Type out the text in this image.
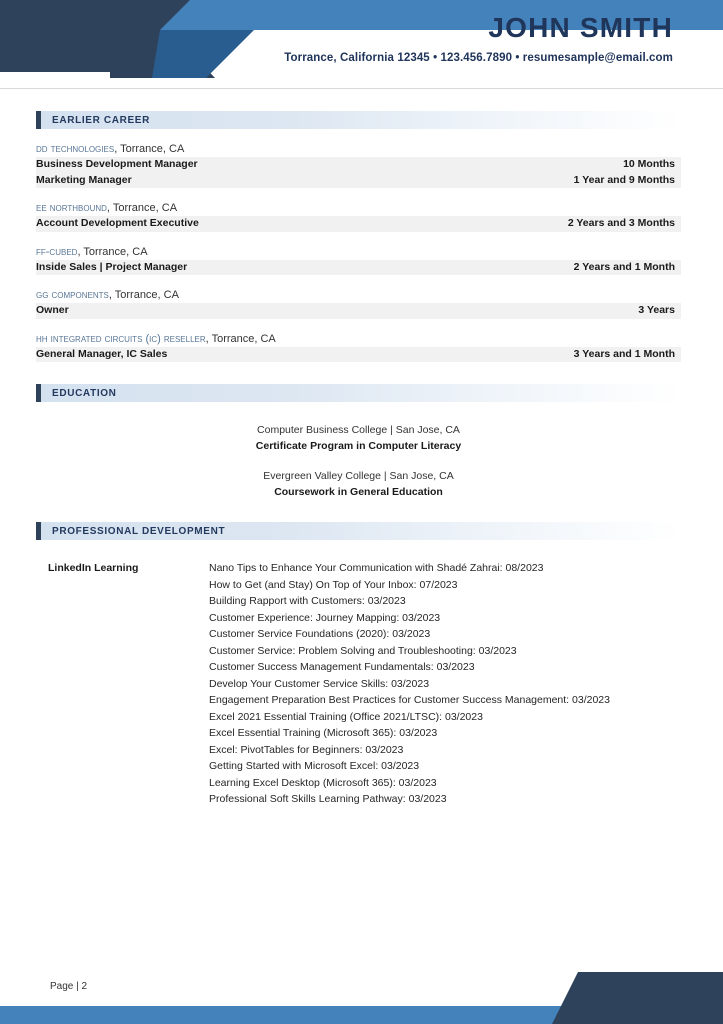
JOHN SMITH
Torrance, California 12345 • 123.456.7890 • resumesample@email.com
EARLIER CAREER
dd technologies, Torrance, CA
Business Development Manager	10 Months
Marketing Manager	1 Year and 9 Months
ee northbound, Torrance, CA
Account Development Executive	2 Years and 3 Months
ff-cubed, Torrance, CA
Inside Sales | Project Manager	2 Years and 1 Month
gg components, Torrance, CA
Owner	3 Years
hh integrated circuits (ic) reseller, Torrance, CA
General Manager, IC Sales	3 Years and 1 Month
EDUCATION
Computer Business College | San Jose, CA
Certificate Program in Computer Literacy
Evergreen Valley College | San Jose, CA
Coursework in General Education
PROFESSIONAL DEVELOPMENT
LinkedIn Learning	Nano Tips to Enhance Your Communication with Shadé Zahrai: 08/2023
How to Get (and Stay) On Top of Your Inbox: 07/2023
Building Rapport with Customers: 03/2023
Customer Experience: Journey Mapping: 03/2023
Customer Service Foundations (2020): 03/2023
Customer Service: Problem Solving and Troubleshooting: 03/2023
Customer Success Management Fundamentals: 03/2023
Develop Your Customer Service Skills: 03/2023
Engagement Preparation Best Practices for Customer Success Management: 03/2023
Excel 2021 Essential Training (Office 2021/LTSC): 03/2023
Excel Essential Training (Microsoft 365): 03/2023
Excel: PivotTables for Beginners: 03/2023
Getting Started with Microsoft Excel: 03/2023
Learning Excel Desktop (Microsoft 365): 03/2023
Professional Soft Skills Learning Pathway: 03/2023
Page | 2
